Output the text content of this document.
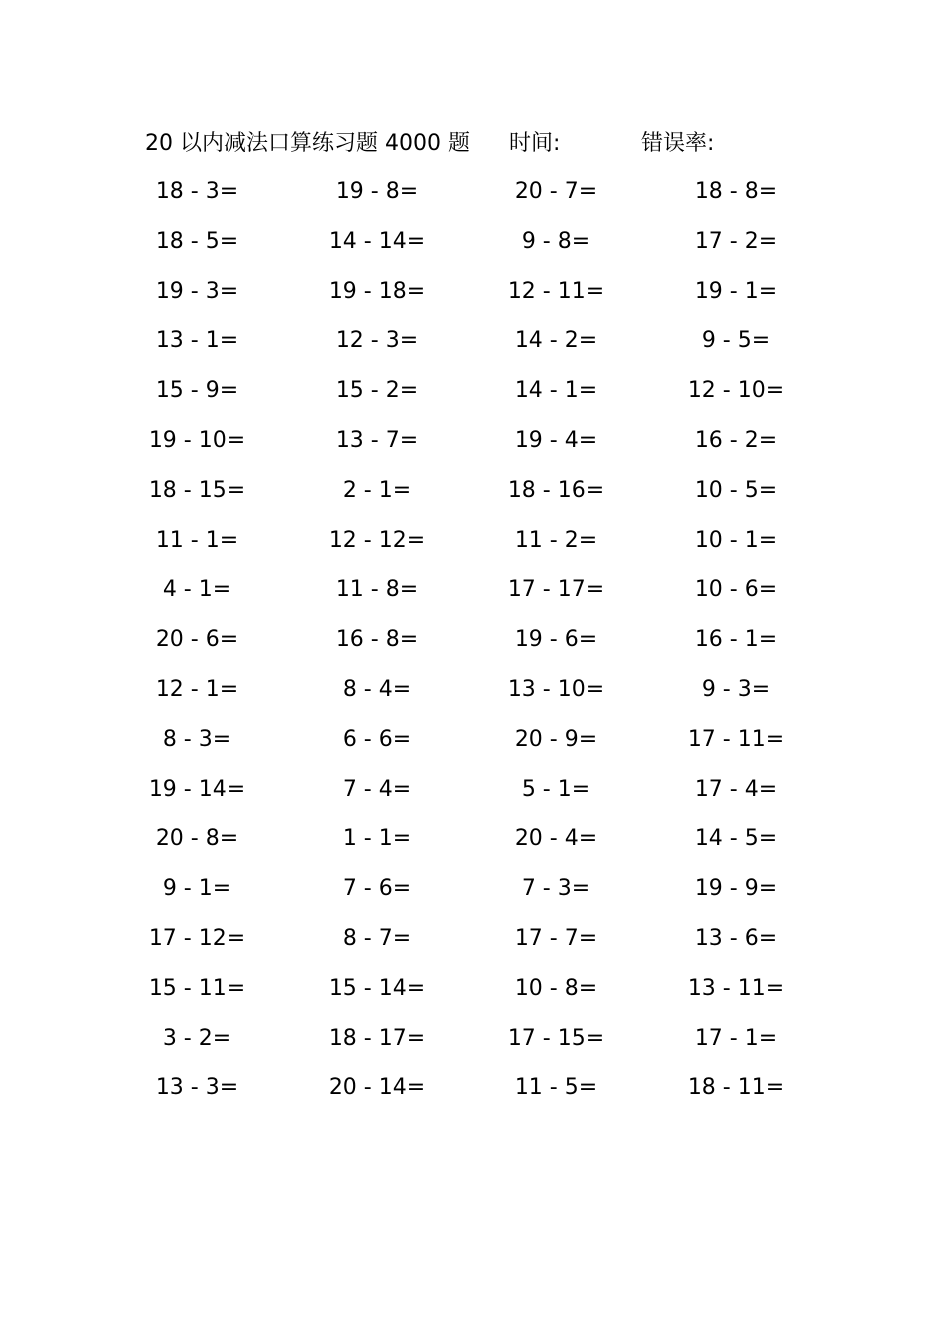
20 以内减法口算练习题 4000 题 时间:	错误率:
18 - 3=	19 - 8=	20 - 7=	18 - 8=
18 - 5=	14 - 14=	9 - 8=	17 - 2=
19 - 3=	19 - 18=	12 - 11=	19 - 1=
13 - 1=	12 - 3=	14 - 2=	9 - 5=
15 - 9=	15 - 2=	14 - 1=	12 - 10=
19 - 10=	13 - 7=	19 - 4=	16 - 2=
18 - 15=	2 - 1=	18 - 16=	10 - 5=
11 - 1=	12 - 12=	11 - 2=	10 - 1=
4 - 1=	11 - 8=	17 - 17=	10 - 6=
20 - 6=	16 - 8=	19 - 6=	16 - 1=
12 - 1=	8 - 4=	13 - 10=	9 - 3=
8 - 3=	6 - 6=	20 - 9=	17 - 11=
19 - 14=	7 - 4=	5 - 1=	17 - 4=
20 - 8=	1 - 1=	20 - 4=	14 - 5=
9 - 1=	7 - 6=	7 - 3=	19 - 9=
17 - 12=	8 - 7=	17 - 7=	13 - 6=
15 - 11=	15 - 14=	10 - 8=	13 - 11=
3 - 2=	18 - 17=	17 - 15=	17 - 1=
13 - 3=	20 - 14=	11 - 5=	18 - 11=
